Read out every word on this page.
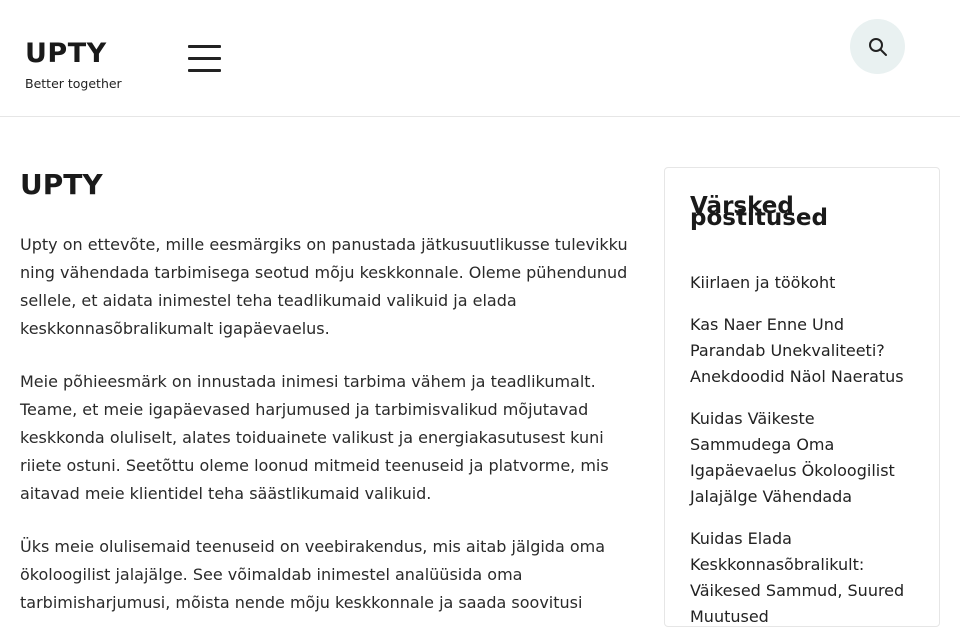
UPTY
Better together
UPTY

Upty on ettevõte, mille eesmärgiks on panustada jätkusuutlikusse tulevikku ning vähendada tarbimisega seotud mõju keskkonnale. Oleme pühendunud sellele, et aidata inimestel teha teadlikumaid valikuid ja elada keskkonnasõbralikumalt igapäevaelus.

Meie põhieesmärk on innustada inimesi tarbima vähem ja teadlikumalt. Teame, et meie igapäevased harjumused ja tarbimisvalikud mõjutavad keskkonda oluliselt, alates toiduainete valikust ja energiakasutusest kuni riiete ostuni. Seetõttu oleme loonud mitmeid teenuseid ja platvorme, mis aitavad meie klientidel teha säästlikumaid valikuid.

Üks meie olulisemaid teenuseid on veebirakendus, mis aitab jälgida oma ökoloogilist jalajälge. See võimaldab inimestel analüüsida oma tarbimisharjumusi, mõista nende mõju keskkonnale ja saada soovitusi

Värsked postitused
Kiirlaen ja töökoht
Kas Naer Enne Und Parandab Unekvaliteeti? Anekdoodid Näol Naeratus
Kuidas Väikeste Sammudega Oma Igapäevaelus Ökoloogilist Jalajälge Vähendada
Kuidas Elada Keskkonnasõbralikult: Väikesed Sammud, Suured Muutused
